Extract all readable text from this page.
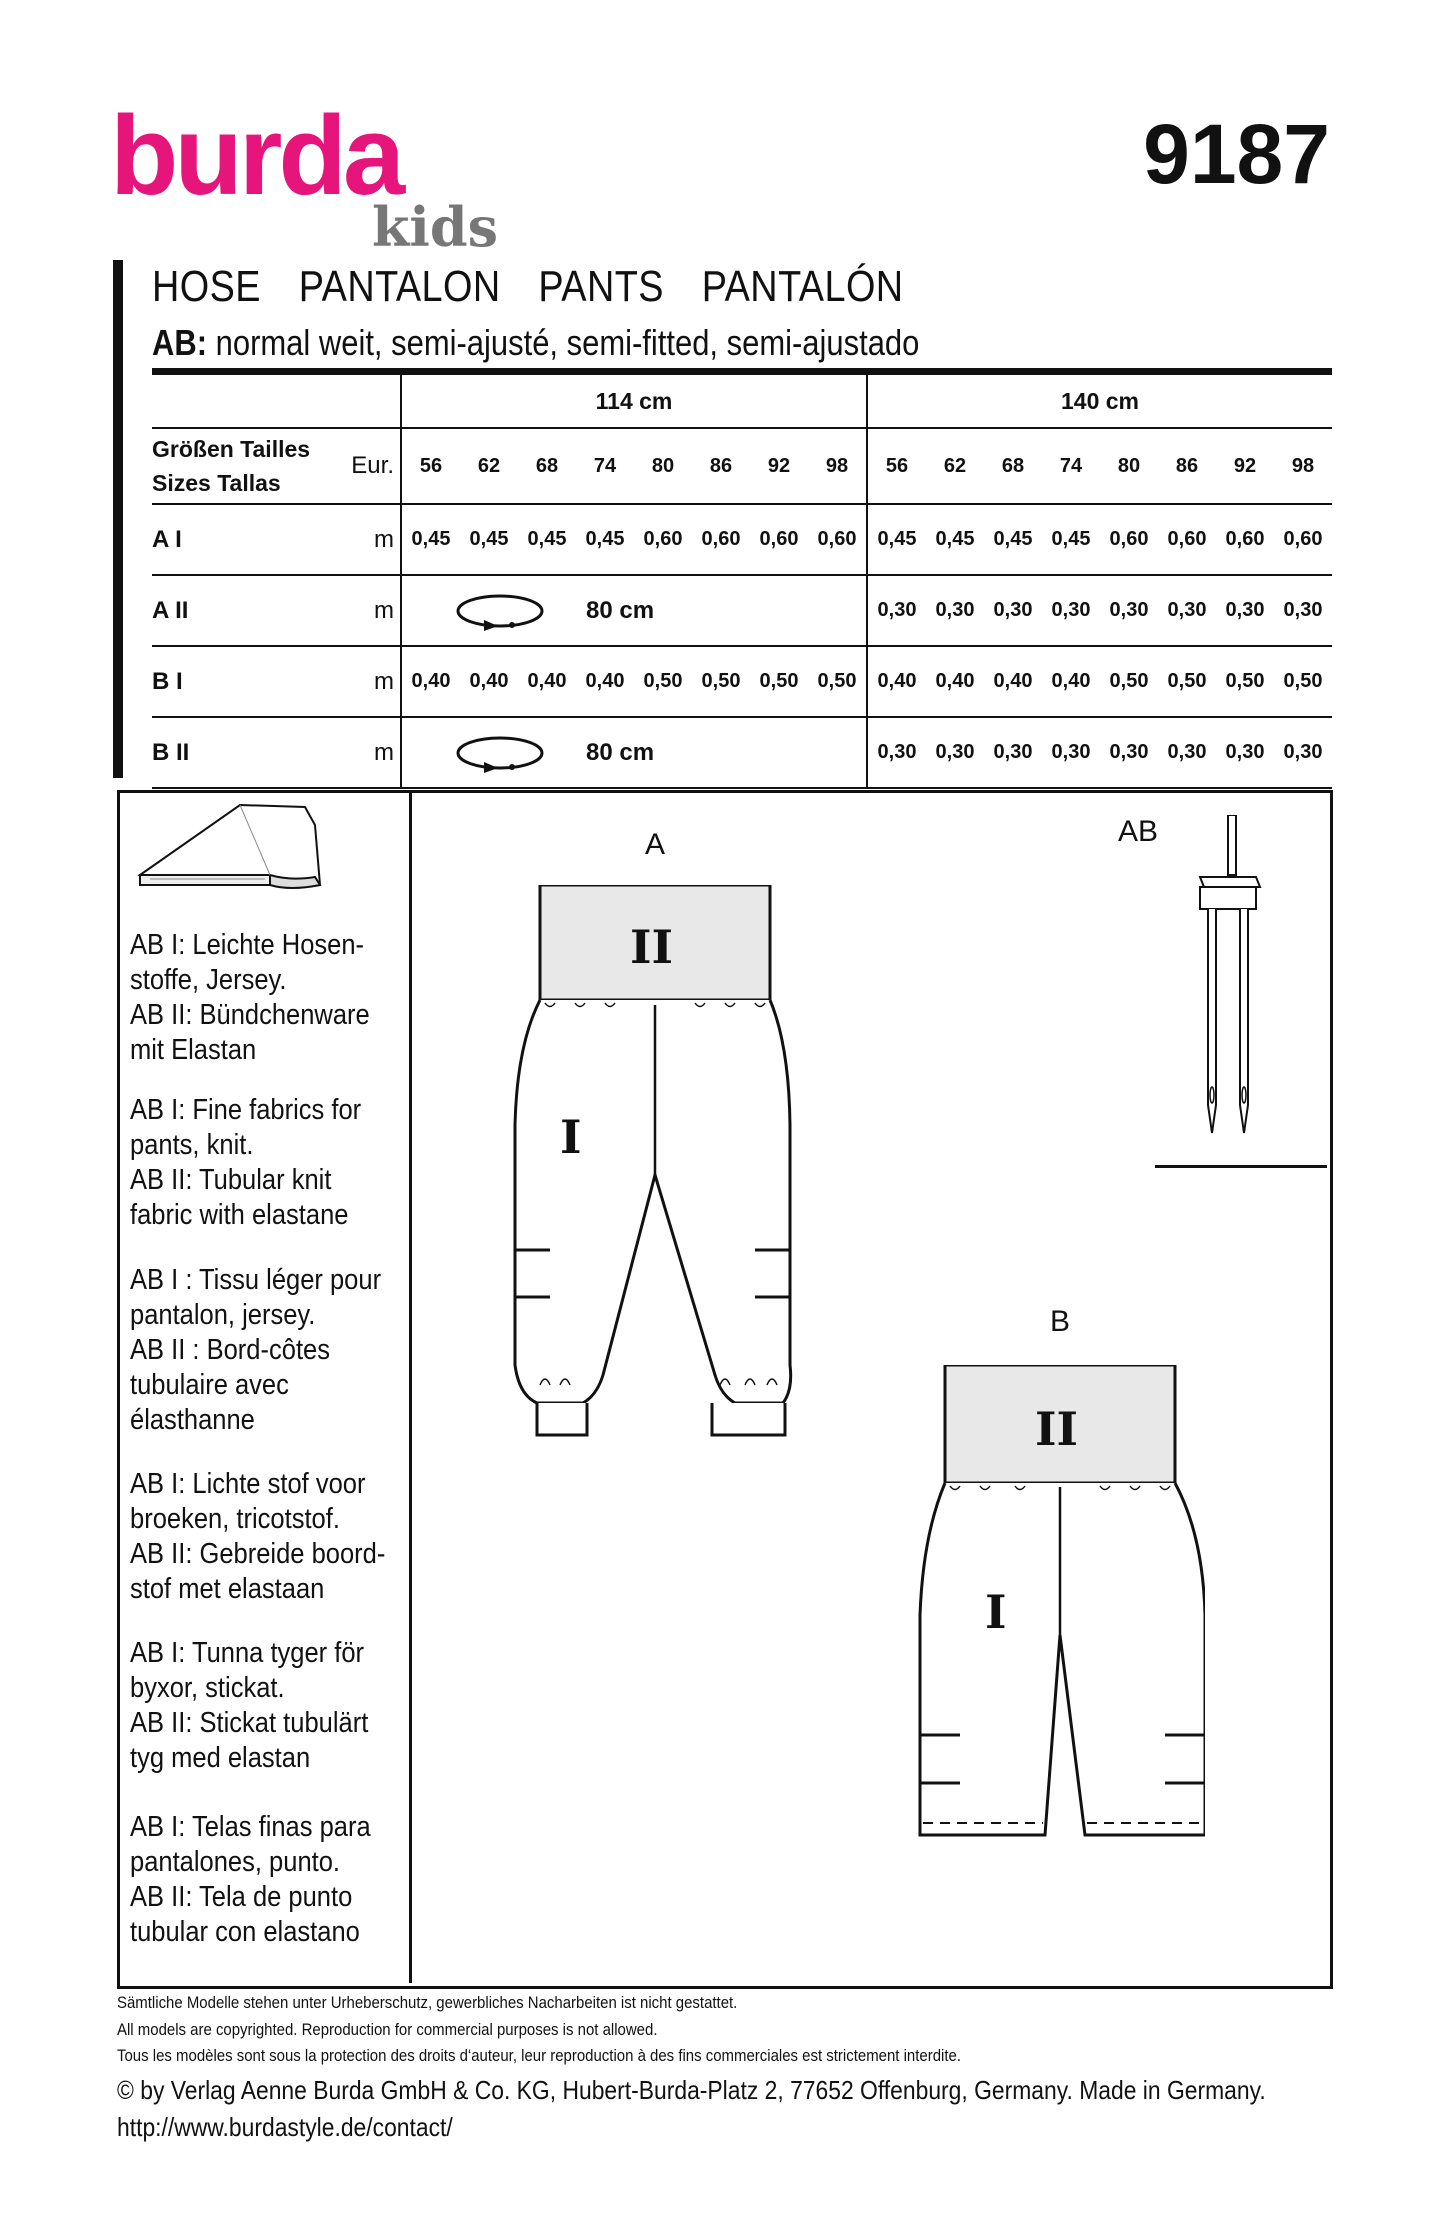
burda
kids
9187
HOSE PANTALON PANTS PANTALÓN
AB: normal weit, semi-ajusté, semi-fitted, semi-ajustado
		114 cm								140 cm							

Größen Tailles
Sizes Tallas	Eur.	56	62	68	74	80	86	92	98	56	62	68	74	80	86	92	98
A I	m	0,45	0,45	0,45	0,45	0,60	0,60	0,60	0,60	0,45	0,45	0,45	0,45	0,60	0,60	0,60	0,60
A II	m	80 cm								0,30	0,30	0,30	0,30	0,30	0,30	0,30	0,30
B I	m	0,40	0,40	0,40	0,40	0,50	0,50	0,50	0,50	0,40	0,40	0,40	0,40	0,50	0,50	0,50	0,50
B II	m	80 cm								0,30	0,30	0,30	0,30	0,30	0,30	0,30	0,30
AB I: Leichte Hosen-
stoffe, Jersey.
AB II: Bündchenware
mit Elastan
AB I: Fine fabrics for
pants, knit.
AB II: Tubular knit
fabric with elastane
AB I : Tissu léger pour
pantalon, jersey.
AB II : Bord-côtes
tubulaire avec
élasthanne
AB I: Lichte stof voor
broeken, tricotstof.
AB II: Gebreide boord-
stof met elastaan
AB I: Tunna tyger för
byxor, stickat.
AB II: Stickat tubulärt
tyg med elastan
AB I: Telas finas para
pantalones, punto.
AB II: Tela de punto
tubular con elastano
A	AB
B
II
I
II
I
Sämtliche Modelle stehen unter Urheberschutz, gewerbliches Nacharbeiten ist nicht gestattet.
All models are copyrighted. Reproduction for commercial purposes is not allowed.
Tous les modèles sont sous la protection des droits d‘auteur, leur reproduction à des fins commerciales est strictement interdite.
© by Verlag Aenne Burda GmbH & Co. KG, Hubert-Burda-Platz 2, 77652 Offenburg, Germany. Made in Germany.
http://www.burdastyle.de/contact/
